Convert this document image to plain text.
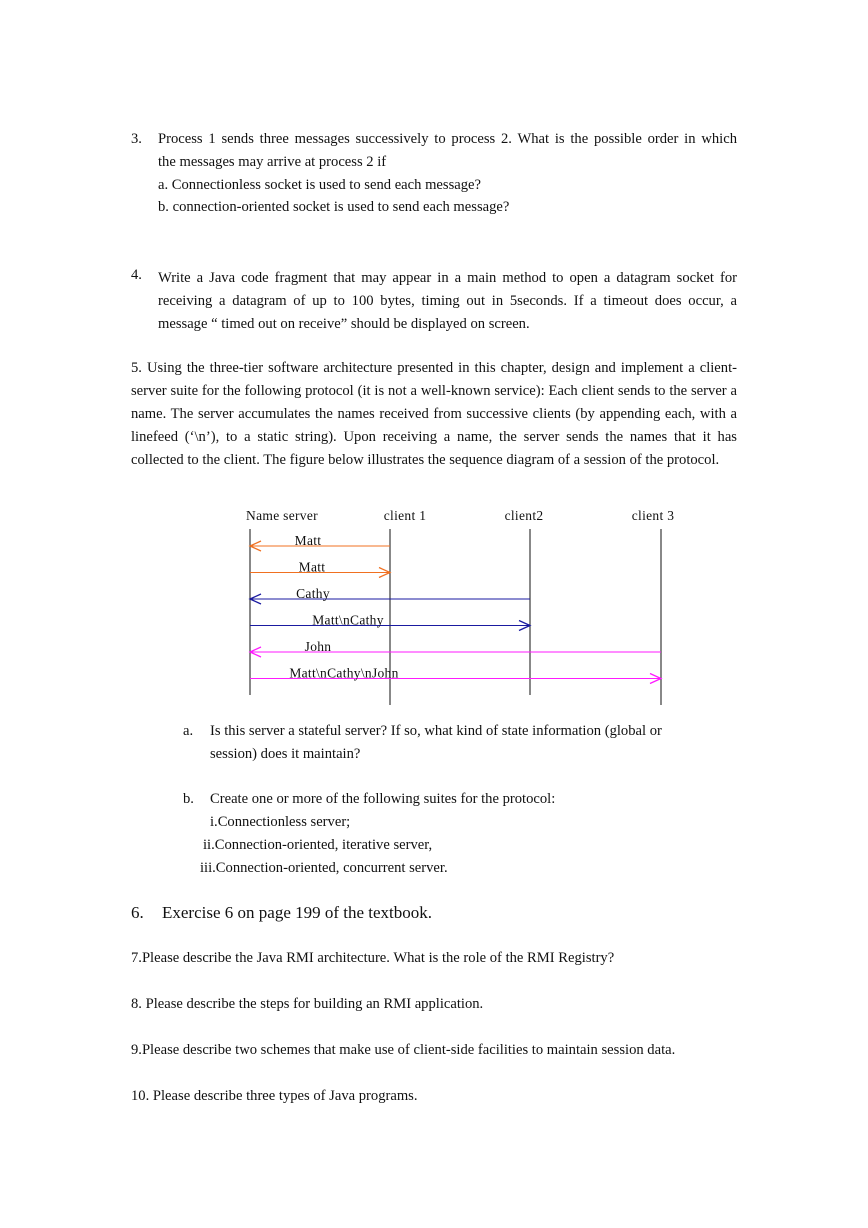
3. Process 1 sends three messages successively to process 2. What is the possible order in which
the messages may arrive at process 2 if
a. Connectionless socket is used to send each message?
b. connection-oriented socket is used to send each message?
4. Write a Java code fragment that may appear in a main method to open a datagram socket for receiving a datagram of up to 100 bytes, timing out in 5seconds. If a timeout does occur, a message “ timed out on receive” should be displayed on screen.
5. Using the three-tier software architecture presented in this chapter, design and implement a client-server suite for the following protocol (it is not a well-known service): Each client sends to the server a name. The server accumulates the names received from successive clients (by appending each, with a linefeed (‘\n’), to a static string). Upon receiving a name, the server sends the names that it has collected to the client. The figure below illustrates the sequence diagram of a session of the protocol.
Name server	client 1	client2	client 3
Matt
Matt
Cathy
Matt\nCathy
John
Matt\nCathy\nJohn
a. Is this server a stateful server? If so, what kind of state information (global or
session) does it maintain?
b. Create one or more of the following suites for the protocol:
i.Connectionless server;
ii.Connection-oriented, iterative server,
iii.Connection-oriented, concurrent server.
6. Exercise 6 on page 199 of the textbook.
7.Please describe the Java RMI architecture. What is the role of the RMI Registry?
8. Please describe the steps for building an RMI application.
9.Please describe two schemes that make use of client-side facilities to maintain session data.
10. Please describe three types of Java programs.
